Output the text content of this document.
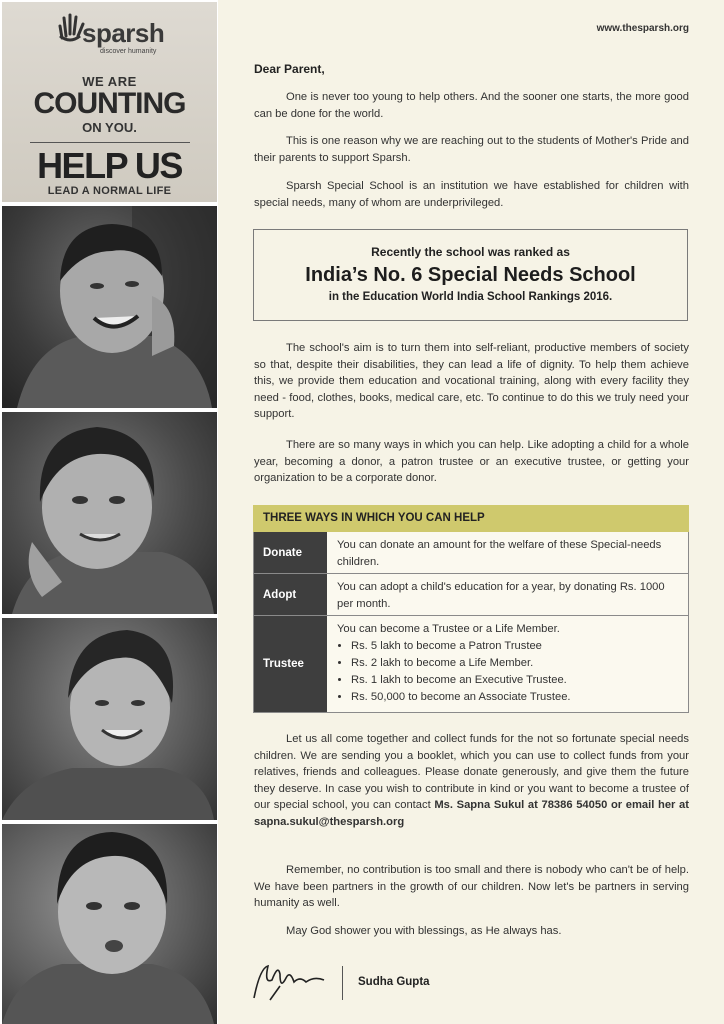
sparsh
discover humanity
WE ARE
COUNTING
ON YOU.
HELP US
LEAD A NORMAL LIFE
www.thesparsh.org
Dear Parent,

One is never too young to help others. And the sooner one starts, the more good can be done for the world.

This is one reason why we are reaching out to the students of Mother's Pride and their parents to support Sparsh.

Sparsh Special School is an institution we have established for children with special needs, many of whom are underprivileged.

Recently the school was ranked as
India’s No. 6 Special Needs School
in the Education World India School Rankings 2016.

The school's aim is to turn them into self-reliant, productive members of society so that, despite their disabilities, they can lead a life of dignity. To help them achieve this, we provide them education and vocational training, along with every facility they need - food, clothes, books, medical care, etc. To continue to do this we truly need your support.

There are so many ways in which you can help. Like adopting a child for a whole year, becoming a donor, a patron trustee or an executive trustee, or getting your organization to be a corporate donor.

THREE WAYS IN WHICH YOU CAN HELP
Donate
You can donate an amount for the welfare of these Special-needs children.
Adopt
You can adopt a child's education for a year, by donating Rs. 1000 per month.
Trustee
You can become a Trustee or a Life Member.
• Rs. 5 lakh to become a Patron Trustee
• Rs. 2 lakh to become a Life Member.
• Rs. 1 lakh to become an Executive Trustee.
• Rs. 50,000 to become an Associate Trustee.

Let us all come together and collect funds for the not so fortunate special needs children. We are sending you a booklet, which you can use to collect funds from your relatives, friends and colleagues. Please donate generously, and give them the future they deserve. In case you wish to contribute in kind or you want to become a trustee of our special school, you can contact Ms. Sapna Sukul at 78386 54050 or email her at sapna.sukul@thesparsh.org

Remember, no contribution is too small and there is nobody who can't be of help. We have been partners in the growth of our children. Now let's be partners in serving humanity as well.

May God shower you with blessings, as He always has.

Sudha Gupta
